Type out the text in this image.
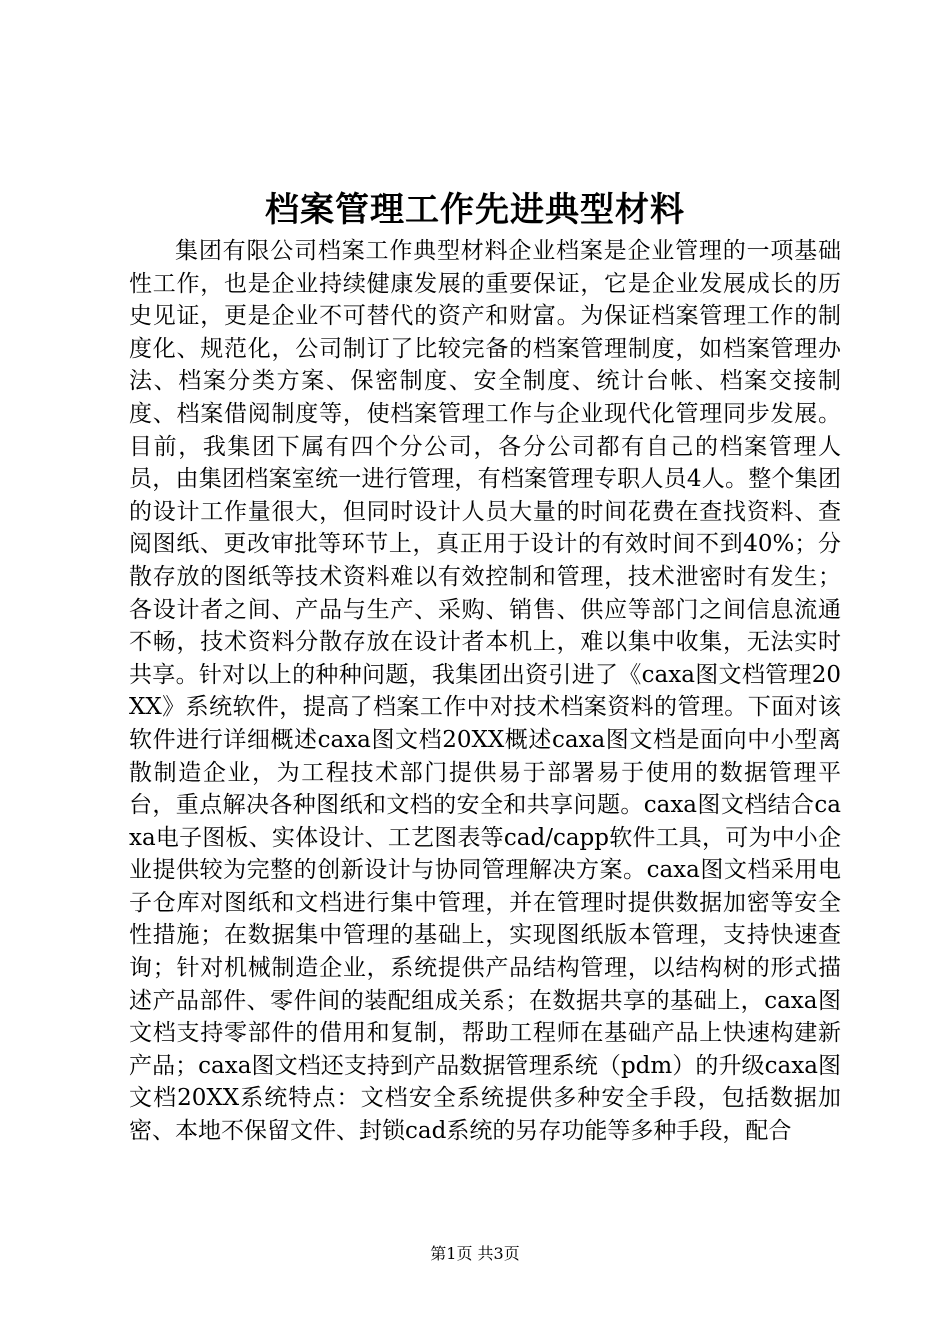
档案管理工作先进典型材料

集团有限公司档案工作典型材料企业档案是企业管理的一项基础性工作，也是企业持续健康发展的重要保证，它是企业发展成长的历史见证，更是企业不可替代的资产和财富。为保证档案管理工作的制度化、规范化，公司制订了比较完备的档案管理制度，如档案管理办法、档案分类方案、保密制度、安全制度、统计台帐、档案交接制度、档案借阅制度等，使档案管理工作与企业现代化管理同步发展。目前，我集团下属有四个分公司，各分公司都有自己的档案管理人员，由集团档案室统一进行管理，有档案管理专职人员4人。整个集团的设计工作量很大，但同时设计人员大量的时间花费在查找资料、查阅图纸、更改审批等环节上，真正用于设计的有效时间不到40%；分散存放的图纸等技术资料难以有效控制和管理，技术泄密时有发生；各设计者之间、产品与生产、采购、销售、供应等部门之间信息流通不畅，技术资料分散存放在设计者本机上，难以集中收集，无法实时共享。针对以上的种种问题，我集团出资引进了《caxa图文档管理20XX》系统软件，提高了档案工作中对技术档案资料的管理。下面对该软件进行详细概述caxa图文档20XX概述caxa图文档是面向中小型离散制造企业，为工程技术部门提供易于部署易于使用的数据管理平台，重点解决各种图纸和文档的安全和共享问题。caxa图文档结合caxa电子图板、实体设计、工艺图表等cad/capp软件工具，可为中小企业提供较为完整的创新设计与协同管理解决方案。caxa图文档采用电子仓库对图纸和文档进行集中管理，并在管理时提供数据加密等安全性措施；在数据集中管理的基础上，实现图纸版本管理，支持快速查询；针对机械制造企业，系统提供产品结构管理，以结构树的形式描述产品部件、零件间的装配组成关系；在数据共享的基础上，caxa图文档支持零部件的借用和复制，帮助工程师在基础产品上快速构建新产品；caxa图文档还支持到产品数据管理系统（pdm）的升级caxa图文档20XX系统特点：文档安全系统提供多种安全手段，包括数据加密、本地不保留文件、封锁cad系统的另存功能等多种手段，配合

第1页 共3页
